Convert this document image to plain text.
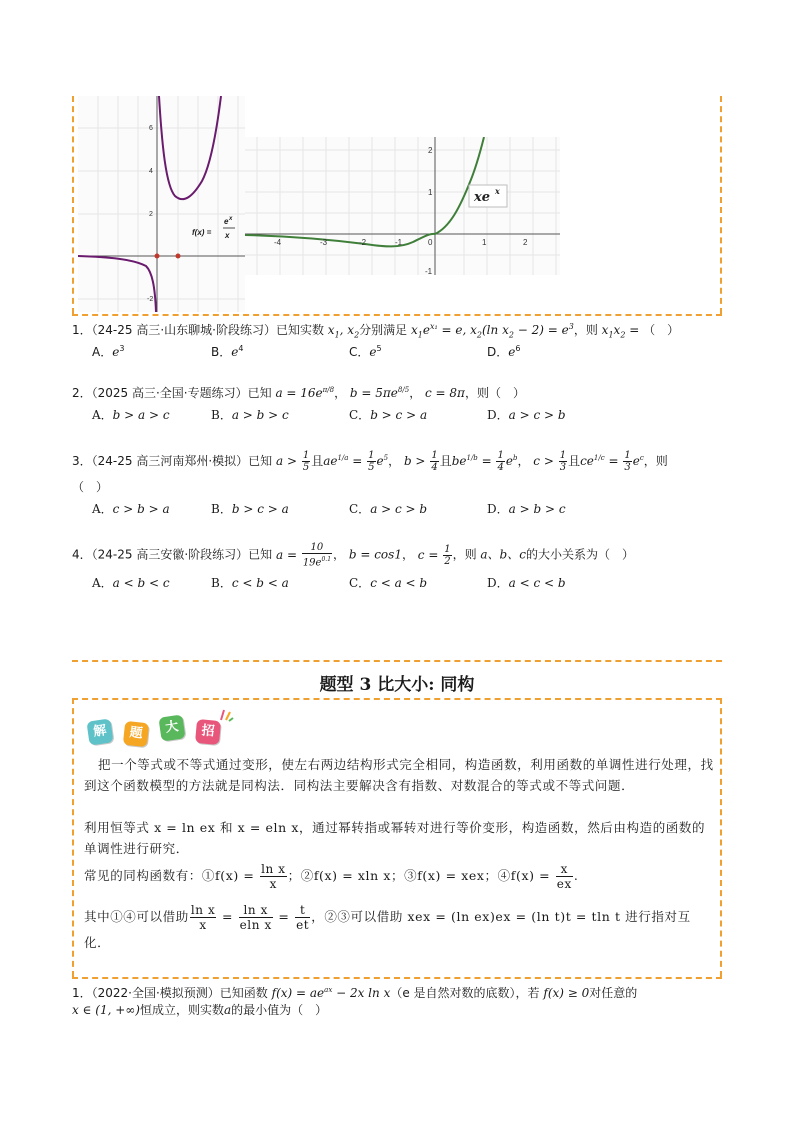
6
4
2
-2
f(x) =
e x
x
-4	-3	-2	-1	0	1	2
2
1
-1
xe x
1．（24-25 高三·山东聊城·阶段练习）已知实数 $x_1$, $x_2$分别满足 $x_1e^{x_1} = e$, $x_2(\ln$ $x_2 - 2) = e^3$，则 $x_1x_2$ = （　）
A．$e^3$	B．$e^4$	C．$e^5$	D．$e^6$
2．（2025 高三·全国·专题练习）已知 $a = 16e^{\pi/8}$， $b = 5\pi e^{8/5}$， c = 8π，则（　）
A．b > a > c	B．a > b > c	C．b > c > a	D．a > c > b
3．（24-25 高三河南郑州·模拟）已知 $a > \frac{1}{5}$ 且$ae^{1/a} = \frac{1}{5} e^5$， $b > \frac{1}{4}$ 且$be^{1/b} = \frac{1}{4} e^b$， $c > \frac{1}{3}$ 且$ce^{1/c} = \frac{1}{3} e^c$，则
（　）
A．c > b > a	B．b > c > a	C．a > c > b	D．a > b > c
4．（24-25 高三安徽·阶段练习）已知 $a = \frac{10}{19e^{0.1}}$ ， b = cos1， $c = \frac{1}{2}$ ，则 a、b、c的大小关系为（　）
A．a < b < c	B．c < b < a	C．c < a < b	D．a < c < b
题型 3 比大小: 同构
解	题	大	招
把一个等式或不等式通过变形，使左右两边结构形式完全相同，构造函数，利用函数的单调性进行处理，找到这个函数模型的方法就是同构法．同构法主要解决含有指数、对数混合的等式或不等式问题．
利用恒等式 x = ln ex 和 x = eln x，通过幂转指或幂转对进行等价变形，构造函数，然后由构造的函数的单调性进行研究．
常见的同构函数有：①f(x) = $\frac{\text{ln x}}{x}$ ；②f(x) = xln x；③f(x) = xex；④f(x) = $\frac{x}{ex}$ .
其中①④可以借助 $\frac{\text{ln x}}{x} = \frac{\text{ln x}}{\text{eln x}} = \frac{t}{et}$ ，②③可以借助 xex = (ln ex)ex = (ln t)t = tln t 进行指对互化．
1．（2022·全国·模拟预测）已知函数 $f(x) = ae^{ax} - 2x$ ln x（e 是自然对数的底数），若 f(x) ≥ 0对任意的
x ∈ (1, +∞)恒成立，则实数a的最小值为（　）
